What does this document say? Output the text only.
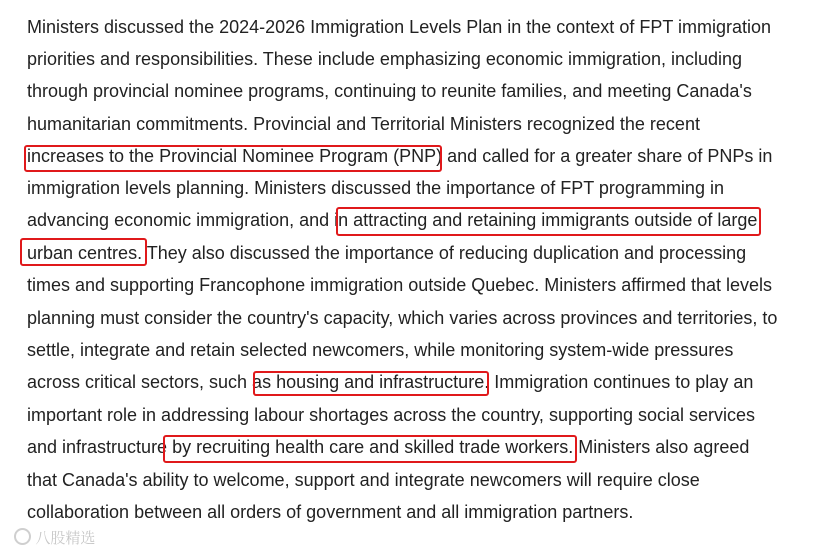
Ministers discussed the 2024-2026 Immigration Levels Plan in the context of FPT immigration
priorities and responsibilities. These include emphasizing economic immigration, including
through provincial nominee programs, continuing to reunite families, and meeting Canada's
humanitarian commitments. Provincial and Territorial Ministers recognized the recent
increases to the Provincial Nominee Program (PNP) and called for a greater share of PNPs in
immigration levels planning. Ministers discussed the importance of FPT programming in
advancing economic immigration, and in attracting and retaining immigrants outside of large
urban centres. They also discussed the importance of reducing duplication and processing
times and supporting Francophone immigration outside Quebec. Ministers affirmed that levels
planning must consider the country's capacity, which varies across provinces and territories, to
settle, integrate and retain selected newcomers, while monitoring system-wide pressures
across critical sectors, such as housing and infrastructure. Immigration continues to play an
important role in addressing labour shortages across the country, supporting social services
and infrastructure by recruiting health care and skilled trade workers. Ministers also agreed
that Canada's ability to welcome, support and integrate newcomers will require close
collaboration between all orders of government and all immigration partners.

八股精选
